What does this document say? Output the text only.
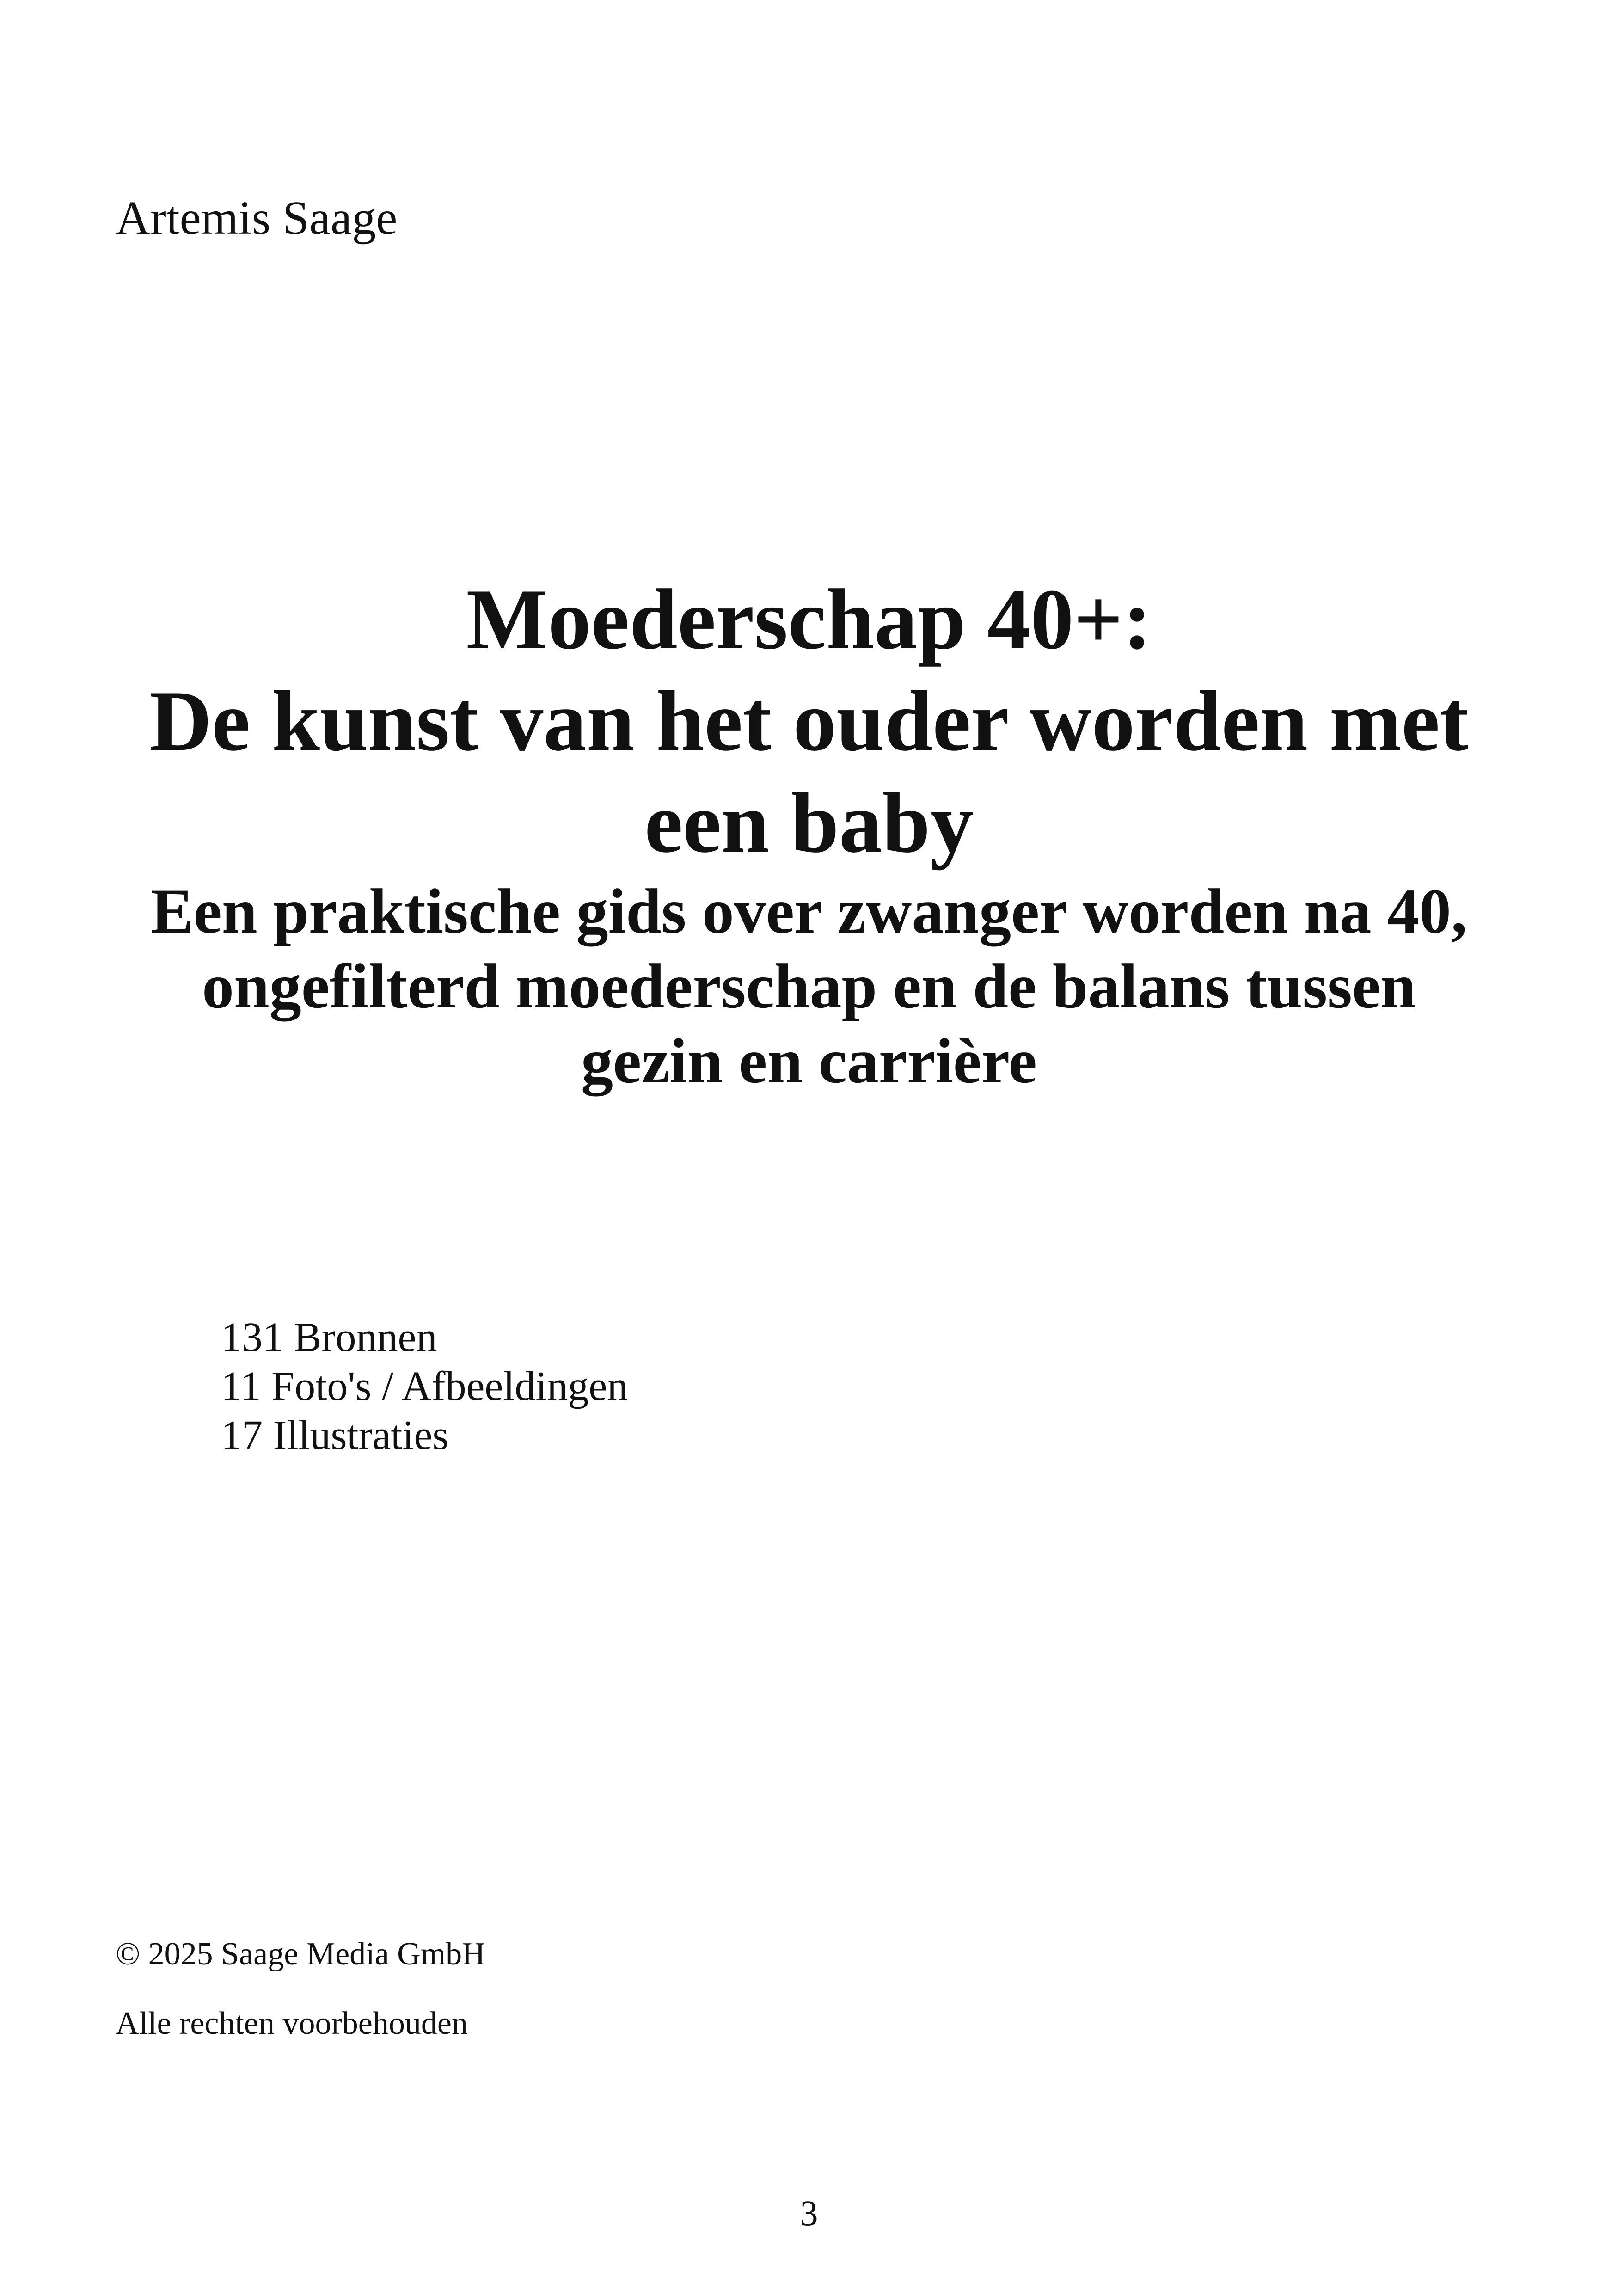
Artemis Saage
Moederschap 40+:
De kunst van het ouder worden met
een baby
Een praktische gids over zwanger worden na 40,
ongefilterd moederschap en de balans tussen
gezin en carrière
131 Bronnen
11 Foto's / Afbeeldingen
17 Illustraties
© 2025 Saage Media GmbH
Alle rechten voorbehouden
3
